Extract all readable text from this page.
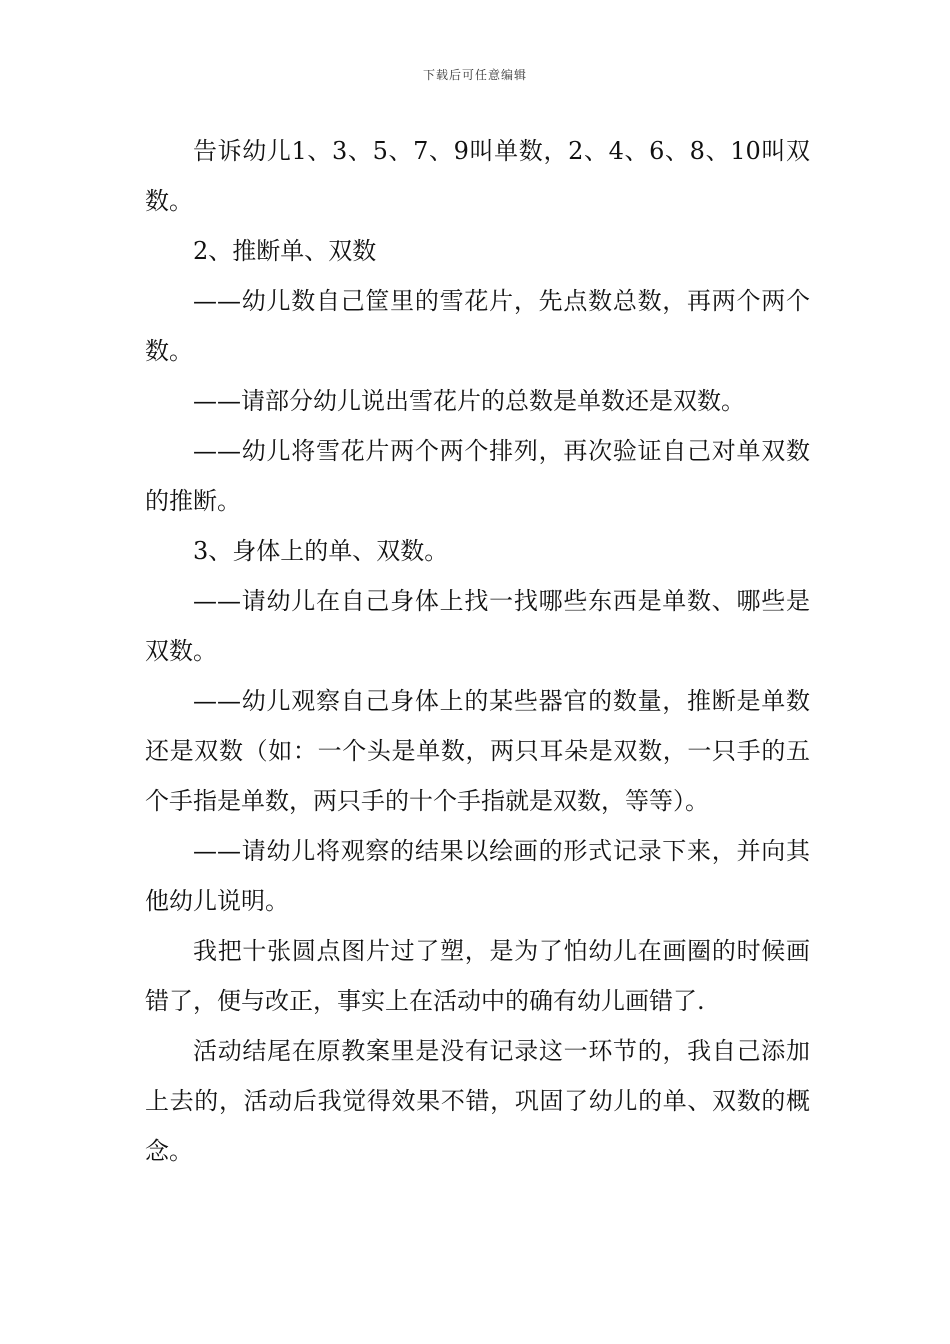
下载后可任意编辑

告诉幼儿1、3、5、7、9叫单数，2、4、6、8、10叫双数。

2、推断单、双数

——幼儿数自己筐里的雪花片，先点数总数，再两个两个数。

——请部分幼儿说出雪花片的总数是单数还是双数。

——幼儿将雪花片两个两个排列，再次验证自己对单双数的推断。

3、身体上的单、双数。

——请幼儿在自己身体上找一找哪些东西是单数、哪些是双数。

——幼儿观察自己身体上的某些器官的数量，推断是单数还是双数（如：一个头是单数，两只耳朵是双数，一只手的五个手指是单数，两只手的十个手指就是双数，等等）。

——请幼儿将观察的结果以绘画的形式记录下来，并向其他幼儿说明。

我把十张圆点图片过了塑，是为了怕幼儿在画圈的时候画错了，便与改正，事实上在活动中的确有幼儿画错了.

活动结尾在原教案里是没有记录这一环节的，我自己添加上去的，活动后我觉得效果不错，巩固了幼儿的单、双数的概念。
